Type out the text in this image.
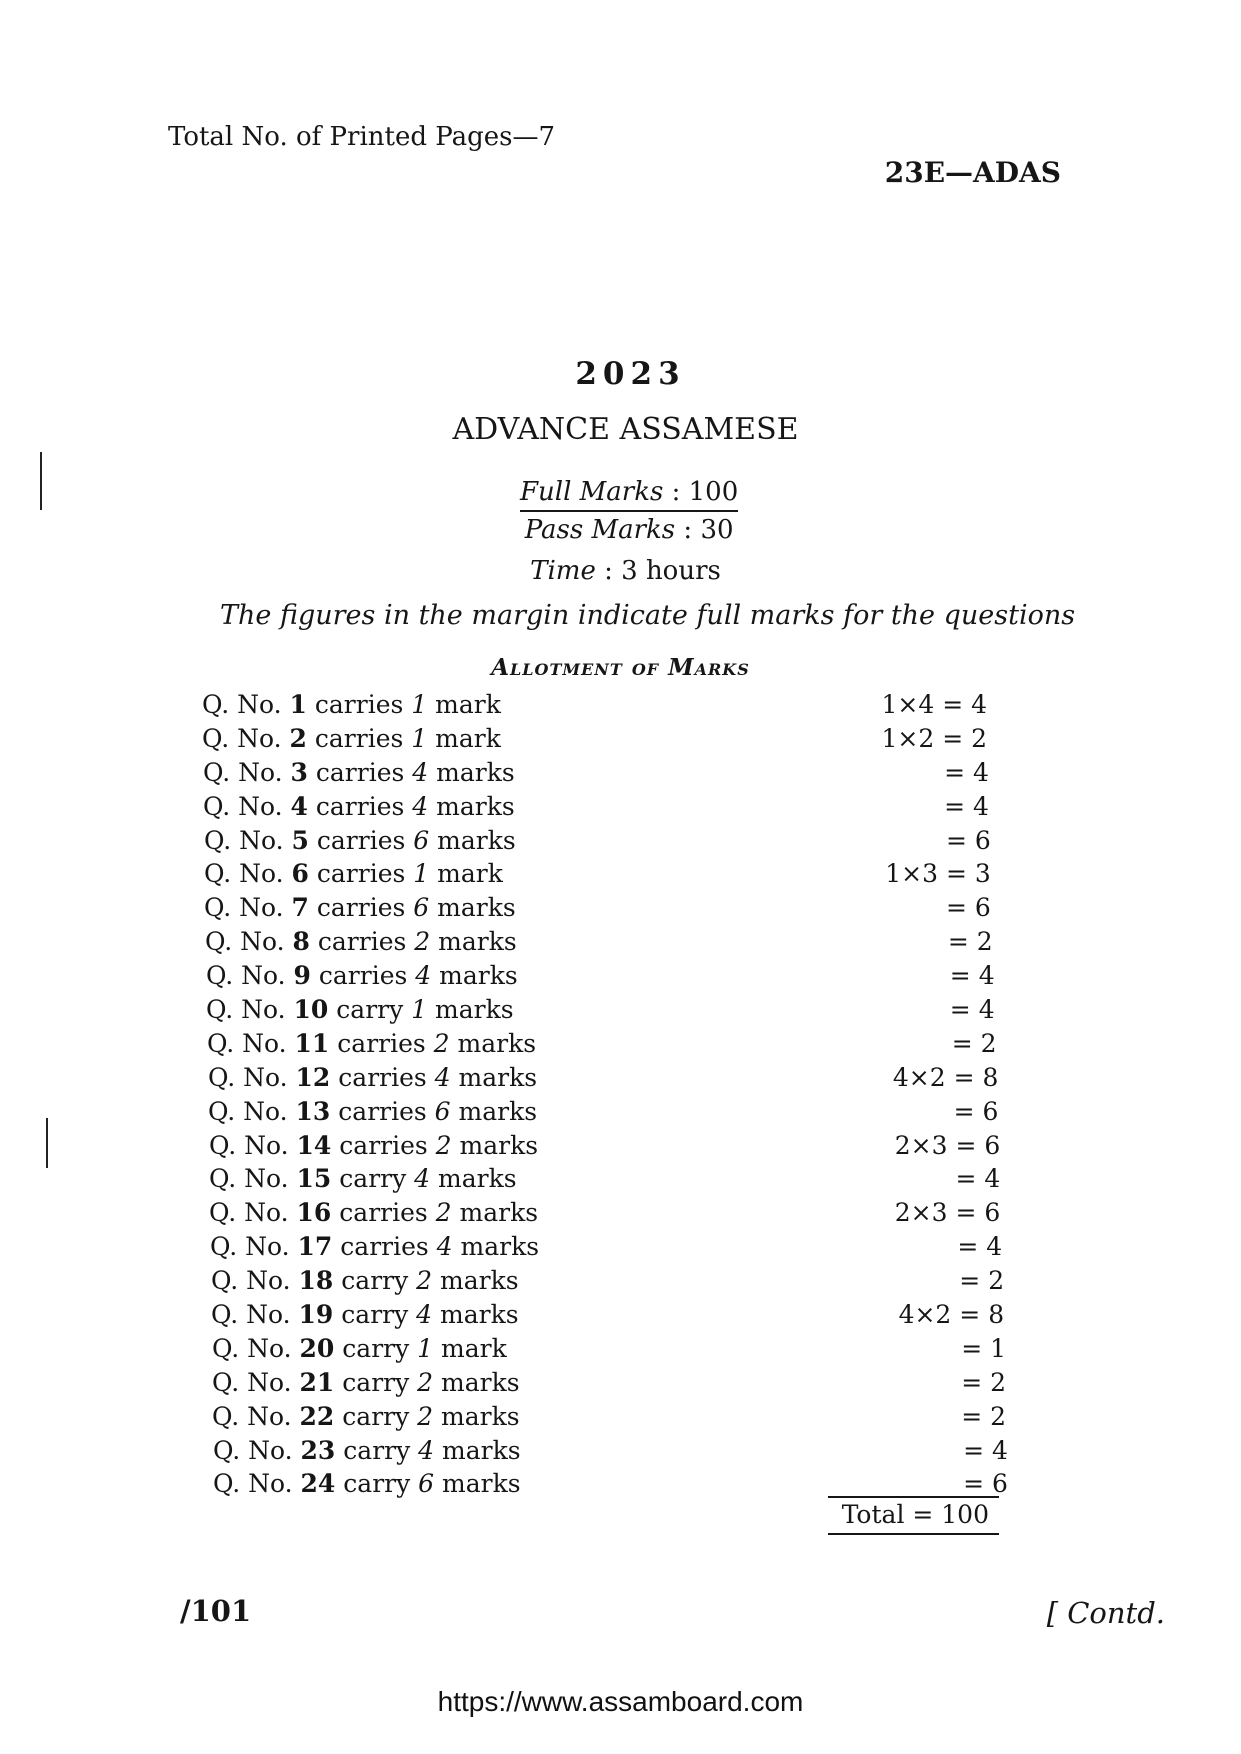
Total No. of Printed Pages—7
23E—ADAS
2023
ADVANCE ASSAMESE
Full Marks : 100
Pass Marks : 30
Time : 3 hours
The figures in the margin indicate full marks for the questions
Allotment of Marks
Q. No. 1 carries 1 mark
Q. No. 2 carries 1 mark
Q. No. 3 carries 4 marks
Q. No. 4 carries 4 marks
Q. No. 5 carries 6 marks
Q. No. 6 carries 1 mark
Q. No. 7 carries 6 marks
Q. No. 8 carries 2 marks
Q. No. 9 carries 4 marks
Q. No. 10 carry 1 marks
Q. No. 11 carries 2 marks
Q. No. 12 carries 4 marks
Q. No. 13 carries 6 marks
Q. No. 14 carries 2 marks
Q. No. 15 carry 4 marks
Q. No. 16 carries 2 marks
Q. No. 17 carries 4 marks
Q. No. 18 carry 2 marks
Q. No. 19 carry 4 marks
Q. No. 20 carry 1 mark
Q. No. 21 carry 2 marks
Q. No. 22 carry 2 marks
Q. No. 23 carry 4 marks
Q. No. 24 carry 6 marks
1×4 = 4
1×2 = 2
= 4
= 4
= 6
1×3 = 3
= 6
= 2
= 4
= 4
= 2
4×2 = 8
= 6
2×3 = 6
= 4
2×3 = 6
= 4
= 2
4×2 = 8
= 1
= 2
= 2
= 4
= 6
Total = 100
/101	[ Contd.
https://www.assamboard.com
